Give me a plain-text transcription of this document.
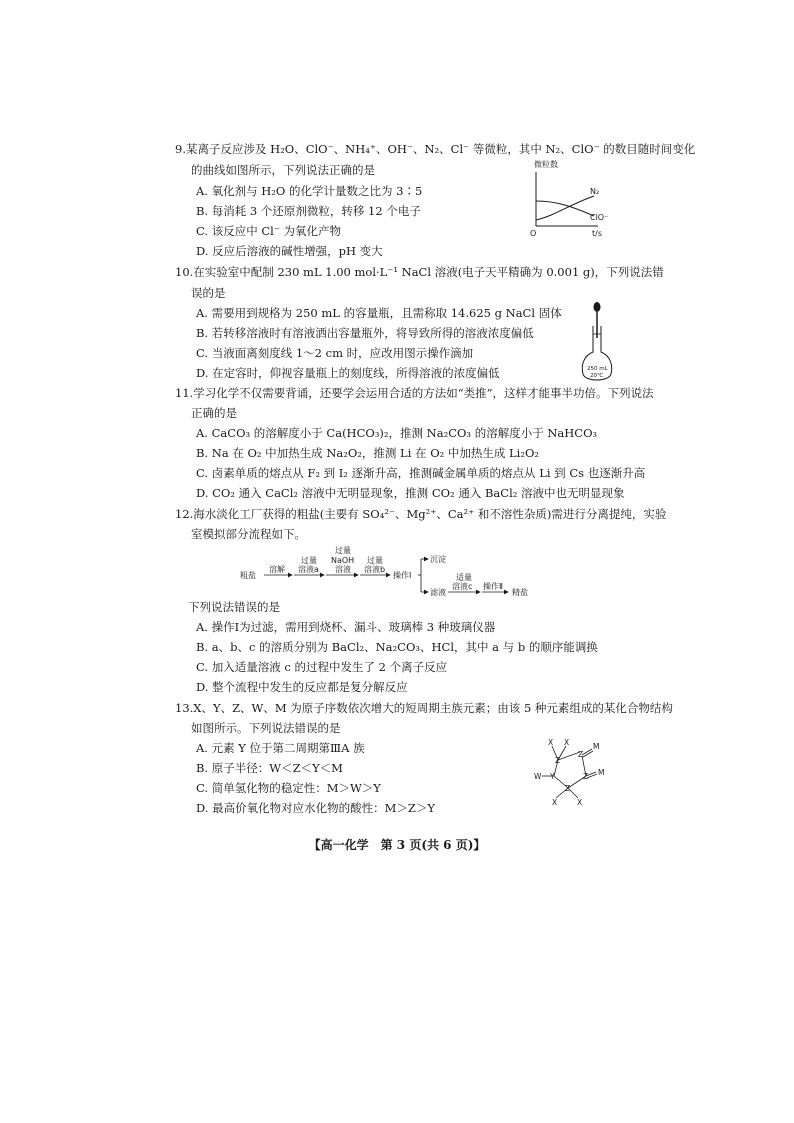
9.某离子反应涉及 H₂O、ClO⁻、NH₄⁺、OH⁻、N₂、Cl⁻ 等微粒，其中 N₂、ClO⁻ 的数目随时间变化
的曲线如图所示，下列说法正确的是
A. 氧化剂与 H₂O 的化学计量数之比为 3∶5
B. 每消耗 3 个还原剂微粒，转移 12 个电子
C. 该反应中 Cl⁻ 为氧化产物
D. 反应后溶液的碱性增强，pH 变大
微粒数
N₂
ClO⁻
O	t/s
10.在实验室中配制 230 mL 1.00 mol·L⁻¹ NaCl 溶液(电子天平精确为 0.001 g)，下列说法错
误的是
A. 需要用到规格为 250 mL 的容量瓶，且需称取 14.625 g NaCl 固体
B. 若转移溶液时有溶液洒出容量瓶外，将导致所得的溶液浓度偏低
C. 当液面离刻度线 1～2 cm 时，应改用图示操作滴加
D. 在定容时，仰视容量瓶上的刻度线，所得溶液的浓度偏低	250 mL
20℃
11.学习化学不仅需要背诵，还要学会运用合适的方法如“类推”，这样才能事半功倍。下列说法
正确的是
A. CaCO₃ 的溶解度小于 Ca(HCO₃)₂，推测 Na₂CO₃ 的溶解度小于 NaHCO₃
B. Na 在 O₂ 中加热生成 Na₂O₂，推测 Li 在 O₂ 中加热生成 Li₂O₂
C. 卤素单质的熔点从 F₂ 到 I₂ 逐渐升高，推测碱金属单质的熔点从 Li 到 Cs 也逐渐升高
D. CO₂ 通入 CaCl₂ 溶液中无明显现象，推测 CO₂ 通入 BaCl₂ 溶液中也无明显现象
12.海水淡化工厂获得的粗盐(主要有 SO₄²⁻、Mg²⁺、Ca²⁺ 和不溶性杂质)需进行分离提纯，实验
室模拟部分流程如下。
粗盐
溶解
过量
溶液a
过量
NaOH
溶液
过量
溶液b
操作Ⅰ
沉淀
滤液
适量
溶液c 操作Ⅱ
精盐
下列说法错误的是
A. 操作Ⅰ为过滤，需用到烧杯、漏斗、玻璃棒 3 种玻璃仪器
B. a、b、c 的溶质分别为 BaCl₂、Na₂CO₃、HCl，其中 a 与 b 的顺序能调换
C. 加入适量溶液 c 的过程中发生了 2 个离子反应
D. 整个流程中发生的反应都是复分解反应
13.X、Y、Z、W、M 为原子序数依次增大的短周期主族元素；由该 5 种元素组成的某化合物结构
如图所示。下列说法错误的是
A. 元素 Y 位于第二周期第ⅢA 族
B. 原子半径：W＜Z＜Y＜M
C. 简单氢化物的稳定性：M＞W＞Y
D. 最高价氧化物对应水化物的酸性：M＞Z＞Y
X X
Z
Z
M
Y
W	Z M
Z
X	X
【高一化学　第 3 页(共 6 页)】
